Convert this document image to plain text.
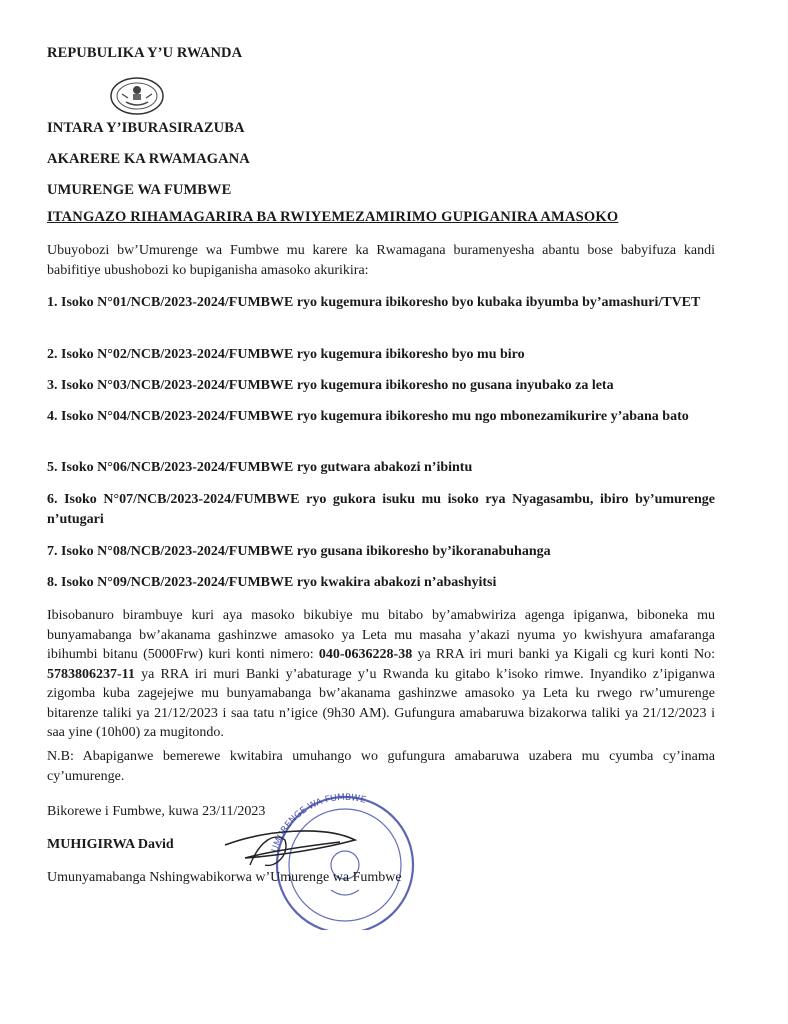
REPUBULIKA Y’U RWANDA
INTARA Y’IBURASIRAZUBA
AKARERE KA RWAMAGANA
UMURENGE WA FUMBWE
ITANGAZO RIHAMAGARIRA BA RWIYEMEZAMIRIMO GUPIGANIRA AMASOKO
Ubuyobozi bw’Umurenge wa Fumbwe mu karere ka Rwamagana buramenyesha abantu bose babyifuza kandi babifitiye ubushobozi ko bupiganisha amasoko akurikira:
1. Isoko N°01/NCB/2023-2024/FUMBWE ryo kugemura ibikoresho byo kubaka ibyumba by’amashuri/TVET
2. Isoko N°02/NCB/2023-2024/FUMBWE ryo kugemura ibikoresho byo mu biro
3. Isoko N°03/NCB/2023-2024/FUMBWE ryo kugemura ibikoresho no gusana inyubako za leta
4. Isoko N°04/NCB/2023-2024/FUMBWE ryo kugemura ibikoresho mu ngo mbonezamikurire y’abana bato
5. Isoko N°06/NCB/2023-2024/FUMBWE ryo gutwara abakozi n’ibintu
6. Isoko N°07/NCB/2023-2024/FUMBWE ryo gukora isuku mu isoko rya Nyagasambu, ibiro by’umurenge n’utugari
7. Isoko N°08/NCB/2023-2024/FUMBWE ryo gusana ibikoresho by’ikoranabuhanga
8. Isoko N°09/NCB/2023-2024/FUMBWE ryo kwakira abakozi n’abashyitsi
Ibisobanuro birambuye kuri aya masoko bikubiye mu bitabo by’amabwiriza agenga ipiganwa, biboneka mu bunyamabanga bw’akanama gashinzwe amasoko ya Leta mu masaha y’akazi nyuma yo kwishyura amafaranga ibihumbi bitanu (5000Frw) kuri konti nimero: 040-0636228-38 ya RRA iri muri banki ya Kigali cg kuri konti No: 5783806237-11 ya RRA iri muri Banki y’abaturage y’u Rwanda ku gitabo k’isoko rimwe. Inyandiko z’ipiganwa zigomba kuba zagejejwe mu bunyamabanga bw’akanama gashinzwe amasoko ya Leta ku rwego rw’umurenge bitarenze taliki ya 21/12/2023 i saa tatu n’igice (9h30 AM). Gufungura amabaruwa bizakorwa taliki ya 21/12/2023 i saa yine (10h00) za mugitondo.
N.B: Abapiganwe bemerewe kwitabira umuhango wo gufungura amabaruwa uzabera mu cyumba cy’inama cy’umurenge.
UMURENGE WA FUMBWE
Bikorewe i Fumbwe, kuwa 23/11/2023
MUHIGIRWA David
Umunyamabanga Nshingwabikorwa w’Umurenge wa Fumbwe
